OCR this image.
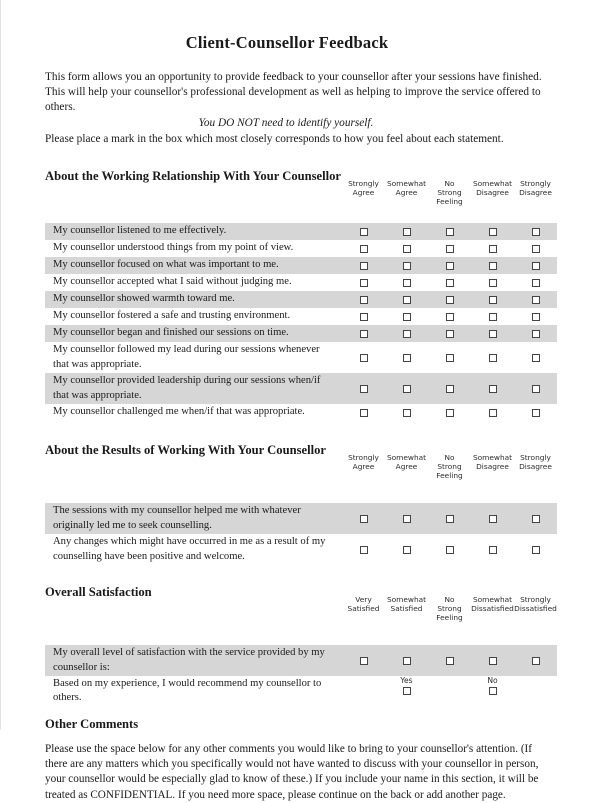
Client-Counsellor Feedback
This form allows you an opportunity to provide feedback to your counsellor after your sessions have finished. This will help your counsellor's professional development as well as helping to improve the service offered to others.
You DO NOT need to identify yourself.
Please place a mark in the box which most closely corresponds to how you feel about each statement.
About the Working Relationship With Your Counsellor
Strongly
Agree
Somewhat
Agree
No
Strong
Feeling
Somewhat
Disagree
Strongly
Disagree
My counsellor listened to me effectively.
My counsellor understood things from my point of view.
My counsellor focused on what was important to me.
My counsellor accepted what I said without judging me.
My counsellor showed warmth toward me.
My counsellor fostered a safe and trusting environment.
My counsellor began and finished our sessions on time.
My counsellor followed my lead during our sessions whenever that was appropriate.
My counsellor provided leadership during our sessions when/if that was appropriate.
My counsellor challenged me when/if that was appropriate.
About the Results of Working With Your Counsellor
Strongly
Agree
Somewhat
Agree
No
Strong
Feeling
Somewhat
Disagree
Strongly
Disagree
The sessions with my counsellor helped me with whatever originally led me to seek counselling.
Any changes which might have occurred in me as a result of my counselling have been positive and welcome.
Overall Satisfaction
Very
Satisfied
Somewhat
Satisfied
No
Strong
Feeling
Somewhat
Dissatisfied
Strongly
Dissatisfied
My overall level of satisfaction with the service provided by my counsellor is:
Based on my experience, I would recommend my counsellor to others.
Yes	No
Other Comments
Please use the space below for any other comments you would like to bring to your counsellor's attention. (If there are any matters which you specifically would not have wanted to discuss with your counsellor in person, your counsellor would be especially glad to know of these.) If you include your name in this section, it will be treated as CONFIDENTIAL. If you need more space, please continue on the back or add another page.
